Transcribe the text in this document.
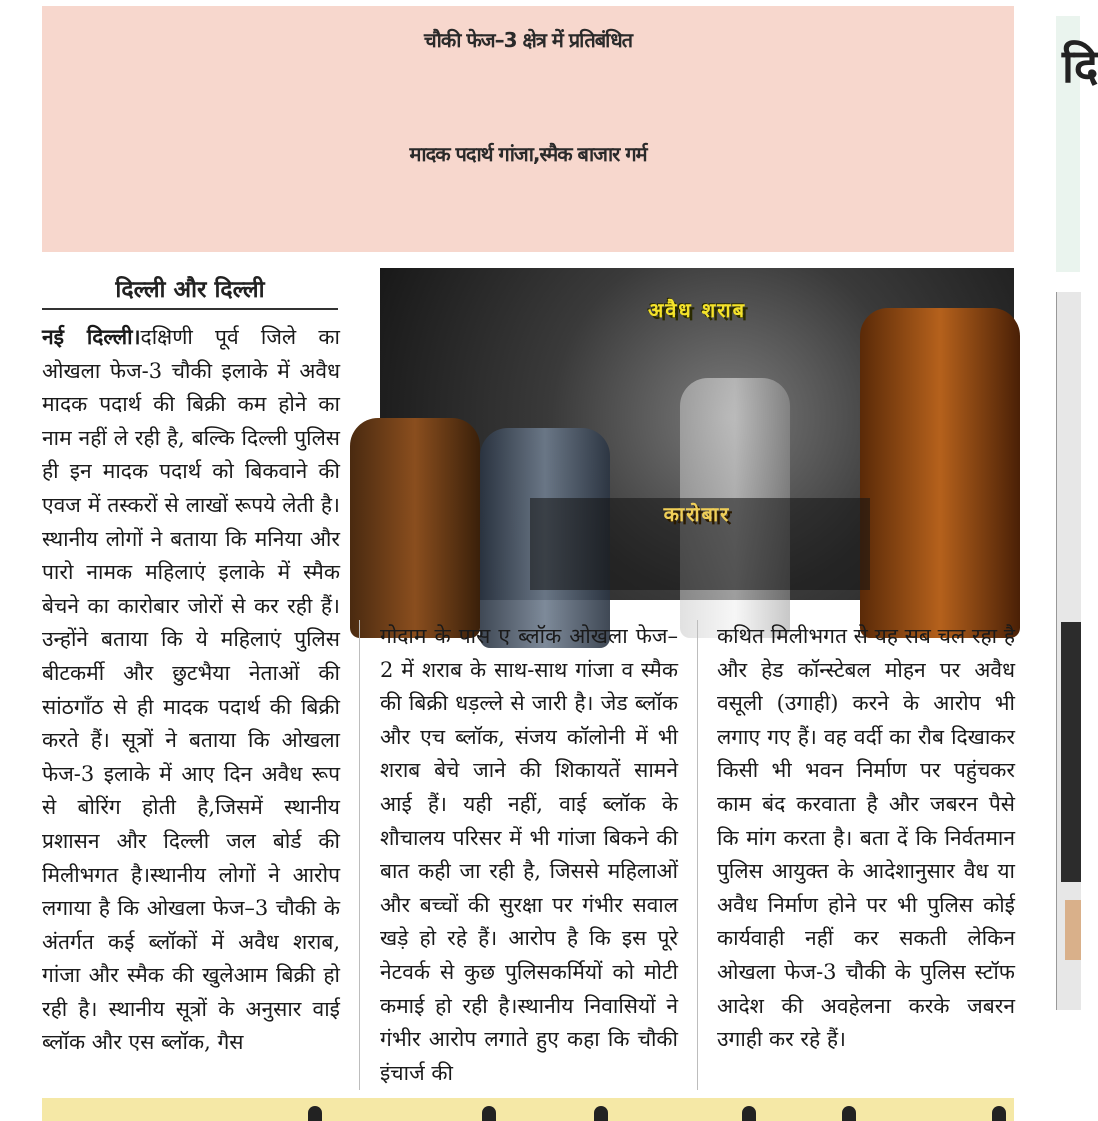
चौकी फेज–3 क्षेत्र में प्रतिबंधित
मादक पदार्थ गांजा,स्मैक बाजार गर्म
दि
दिल्ली और दिल्ली
अवैध शराब
कारोबार
नई दिल्ली।दक्षिणी पूर्व जिले का ओखला फेज-3 चौकी इलाके में अवैध मादक पदार्थ की बिक्री कम होने का नाम नहीं ले रही है, बल्कि दिल्ली पुलिस ही इन मादक पदार्थ को बिकवाने की एवज में तस्करों से लाखों रूपये लेती है। स्थानीय लोगों ने बताया कि मनिया और पारो नामक महिलाएं इलाके में स्मैक बेचने का कारोबार जोरों से कर रही हैं। उन्होंने बताया कि ये महिलाएं पुलिस बीटकर्मी और छुटभैया नेताओं की सांठगाँठ से ही मादक पदार्थ की बिक्री करते हैं। सूत्रों ने बताया कि ओखला फेज-3 इलाके में आए दिन अवैध रूप से बोरिंग होती है,जिसमें स्थानीय प्रशासन और दिल्ली जल बोर्ड की मिलीभगत है।स्थानीय लोगों ने आरोप लगाया है कि ओखला फेज–3 चौकी के अंतर्गत कई ब्लॉकों में अवैध शराब, गांजा और स्मैक की खुलेआम बिक्री हो रही है। स्थानीय सूत्रों के अनुसार वाई ब्लॉक और एस ब्लॉक, गैस
गोदाम के पास ए ब्लॉक ओखला फेज–2 में शराब के साथ-साथ गांजा व स्मैक की बिक्री धड़ल्ले से जारी है। जेड ब्लॉक और एच ब्लॉक, संजय कॉलोनी में भी शराब बेचे जाने की शिकायतें सामने आई हैं। यही नहीं, वाई ब्लॉक के शौचालय परिसर में भी गांजा बिकने की बात कही जा रही है, जिससे महिलाओं और बच्चों की सुरक्षा पर गंभीर सवाल खड़े हो रहे हैं। आरोप है कि इस पूरे नेटवर्क से कुछ पुलिसकर्मियों को मोटी कमाई हो रही है।स्थानीय निवासियों ने गंभीर आरोप लगाते हुए कहा कि चौकी इंचार्ज की
कथित मिलीभगत से यह सब चल रहा है और हेड कॉन्स्टेबल मोहन पर अवैध वसूली (उगाही) करने के आरोप भी लगाए गए हैं। वह वर्दी का रौब दिखाकर किसी भी भवन निर्माण पर पहुंचकर काम बंद करवाता है और जबरन पैसे कि मांग करता है। बता दें कि निर्वतमान पुलिस आयुक्त के आदेशानुसार वैध या अवैध निर्माण होने पर भी पुलिस कोई कार्यवाही नहीं कर सकती लेकिन ओखला फेज-3 चौकी के पुलिस स्टॉफ आदेश की अवहेलना करके जबरन उगाही कर रहे हैं।
